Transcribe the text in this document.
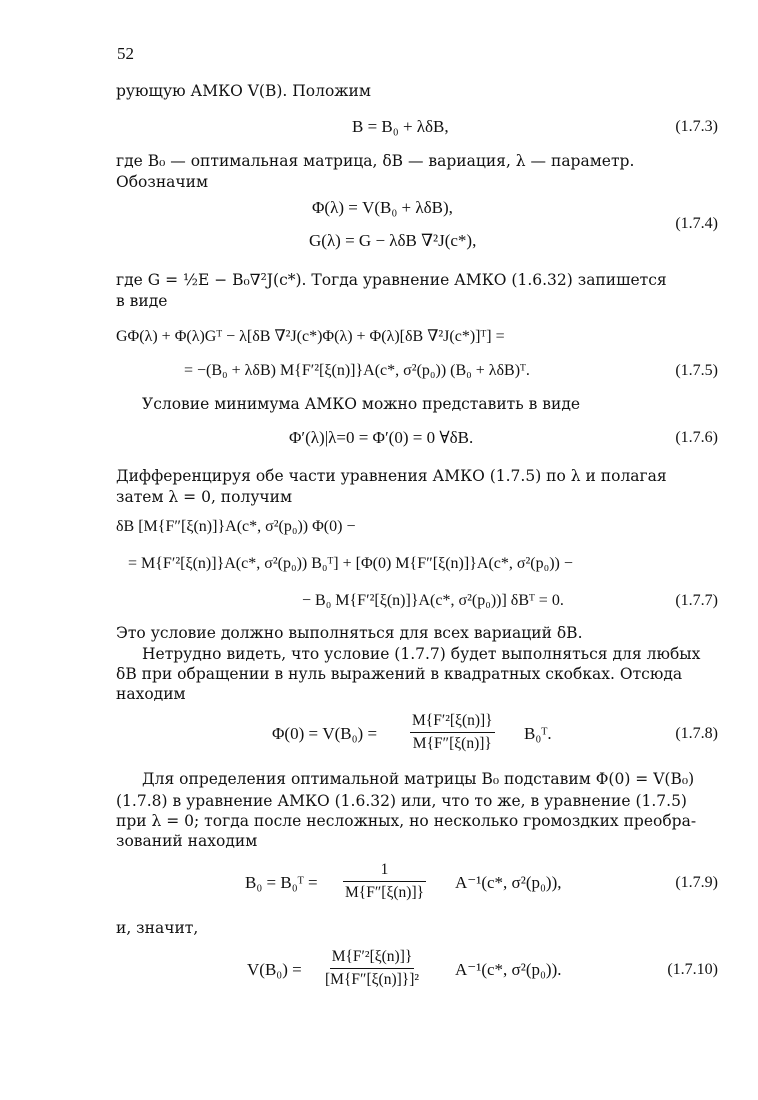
52
рующую АМКО V(B). Положим
B = B₀ + λδB,	(1.7.3)
где B₀ — оптимальная матрица, δB — вариация, λ — параметр.
Обозначим
Φ(λ) = V(B₀ + λδB),
G(λ) = G − λδB ∇²J(c*),
(1.7.4)
где G = ½E − B₀∇²J(c*). Тогда уравнение АМКО (1.6.32) запишется
в виде
GΦ(λ) + Φ(λ)Gᵀ − λ[δB ∇²J(c*)Φ(λ) + Φ(λ)[δB ∇²J(c*)]ᵀ] =
= −(B₀ + λδB) M{F′²[ξ(n)]}A(c*, σ²(p₀)) (B₀ + λδB)ᵀ.	(1.7.5)
Условие минимума АМКО можно представить в виде
Φ′(λ)|λ=0 = Φ′(0) = 0 ∀δB.	(1.7.6)
Дифференцируя обе части уравнения АМКО (1.7.5) по λ и полагая
затем λ = 0, получим
δB [M{F″[ξ(n)]}A(c*, σ²(p₀)) Φ(0) −
= M{F′²[ξ(n)]}A(c*, σ²(p₀)) B₀ᵀ] + [Φ(0) M{F″[ξ(n)]}A(c*, σ²(p₀)) −
− B₀ M{F′²[ξ(n)]}A(c*, σ²(p₀))] δBᵀ = 0.	(1.7.7)
Это условие должно выполняться для всех вариаций δB.
Нетрудно видеть, что условие (1.7.7) будет выполняться для любых
δB при обращении в нуль выражений в квадратных скобках. Отсюда
находим
$\Phi(0) = V(B_0) = \frac{\text{M\{F′²[ξ(n)]\}}}{M\{F''[\xi(n)]\}}$ B₀ᵀ.	(1.7.8)
Для определения оптимальной матрицы B₀ подставим Φ(0) = V(B₀)
(1.7.8) в уравнение АМКО (1.6.32) или, что то же, в уравнение (1.7.5)
при λ = 0; тогда после несложных, но несколько громоздких преобра-
зований находим
B₀ = B₀ᵀ = $\frac{1}{M\{F''[\xi(n)]\}} A^{-1}(c*$, σ²(p₀)),	(1.7.9)
и, значит,
$V(B_0) = \frac{\text{M\{F′²[ξ(n)]\}}}{\text{[M\{F″[ξ(n)]\}]²}} A^{-1}(c*$, σ²(p₀)).	(1.7.10)
